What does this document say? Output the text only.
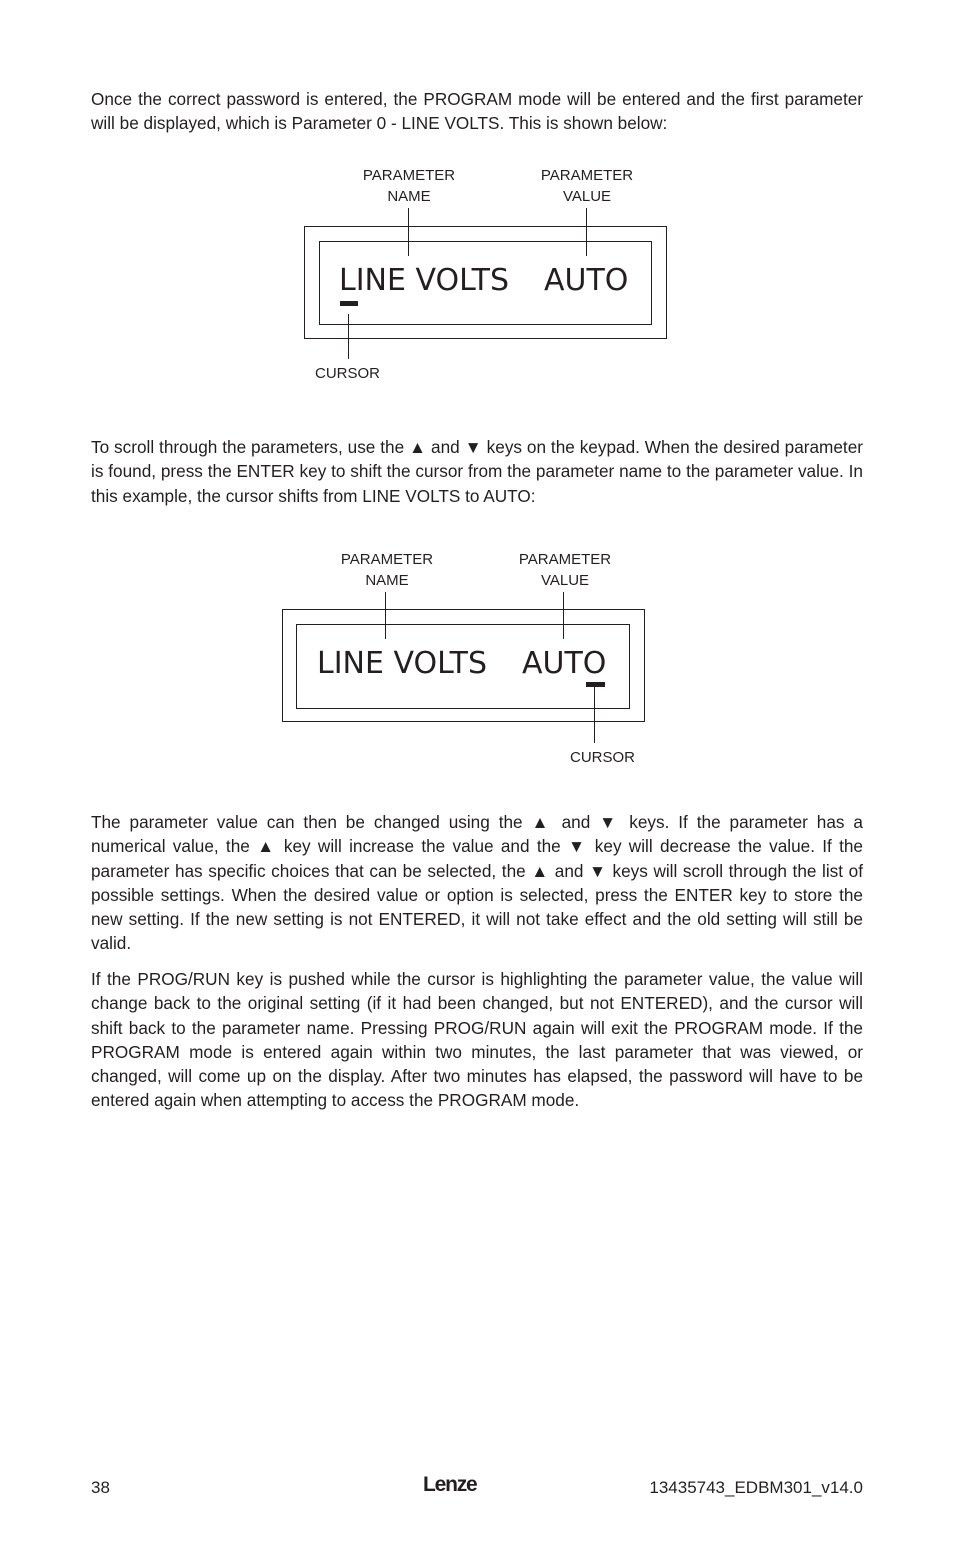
Once the correct password is entered, the PROGRAM mode will be entered and the first parameter will be displayed, which is Parameter 0 - LINE VOLTS. This is shown below:

PARAMETER
NAME
PARAMETER
VALUE
LINE VOLTS AUTO
CURSOR

To scroll through the parameters, use the ▲ and ▼ keys on the keypad. When the desired parameter is found, press the ENTER key to shift the cursor from the parameter name to the parameter value. In this example, the cursor shifts from LINE VOLTS to AUTO:

PARAMETER
NAME
PARAMETER
VALUE
LINE VOLTS AUTO
CURSOR

The parameter value can then be changed using the ▲ and ▼ keys. If the parameter has a numerical value, the ▲ key will increase the value and the ▼ key will decrease the value. If the parameter has specific choices that can be selected, the ▲ and ▼ keys will scroll through the list of possible settings. When the desired value or option is selected, press the ENTER key to store the new setting. If the new setting is not ENTERED, it will not take effect and the old setting will still be valid.

If the PROG/RUN key is pushed while the cursor is highlighting the parameter value, the value will change back to the original setting (if it had been changed, but not ENTERED), and the cursor will shift back to the parameter name. Pressing PROG/RUN again will exit the PROGRAM mode. If the PROGRAM mode is entered again within two minutes, the last parameter that was viewed, or changed, will come up on the display. After two minutes has elapsed, the password will have to be entered again when attempting to access the PROGRAM mode.

38	Lenze	13435743_EDBM301_v14.0
